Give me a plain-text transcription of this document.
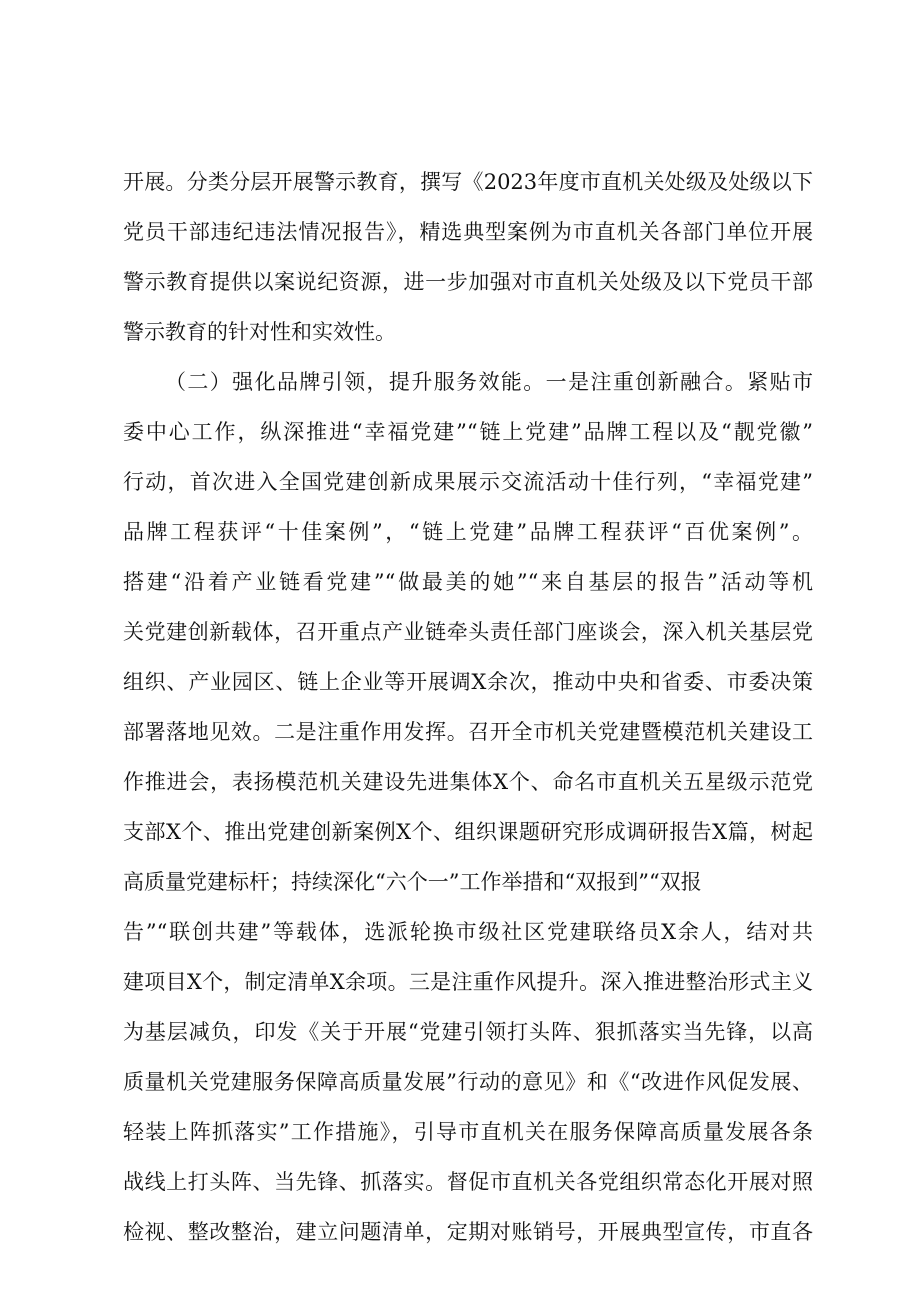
开展。分类分层开展警示教育，撰写《2023年度市直机关处级及处级以下
党员干部违纪违法情况报告》，精选典型案例为市直机关各部门单位开展
警示教育提供以案说纪资源，进一步加强对市直机关处级及以下党员干部
警示教育的针对性和实效性。
（二）强化品牌引领，提升服务效能。一是注重创新融合。紧贴市
委中心工作，纵深推进“幸福党建”“链上党建”品牌工程以及“靓党徽”
行动，首次进入全国党建创新成果展示交流活动十佳行列，“幸福党建”
品牌工程获评“十佳案例”，“链上党建”品牌工程获评“百优案例”。
搭建“沿着产业链看党建”“做最美的她”“来自基层的报告”活动等机
关党建创新载体，召开重点产业链牵头责任部门座谈会，深入机关基层党
组织、产业园区、链上企业等开展调X余次，推动中央和省委、市委决策
部署落地见效。二是注重作用发挥。召开全市机关党建暨模范机关建设工
作推进会，表扬模范机关建设先进集体X个、命名市直机关五星级示范党
支部X个、推出党建创新案例X个、组织课题研究形成调研报告X篇，树起
高质量党建标杆；持续深化“六个一”工作举措和“双报到”“双报
告”“联创共建”等载体，选派轮换市级社区党建联络员X余人，结对共
建项目X个，制定清单X余项。三是注重作风提升。深入推进整治形式主义
为基层减负，印发《关于开展“党建引领打头阵、狠抓落实当先锋，以高
质量机关党建服务保障高质量发展”行动的意见》和《“改进作风促发展、
轻装上阵抓落实”工作措施》，引导市直机关在服务保障高质量发展各条
战线上打头阵、当先锋、抓落实。督促市直机关各党组织常态化开展对照
检视、整改整治，建立问题清单，定期对账销号，开展典型宣传，市直各
